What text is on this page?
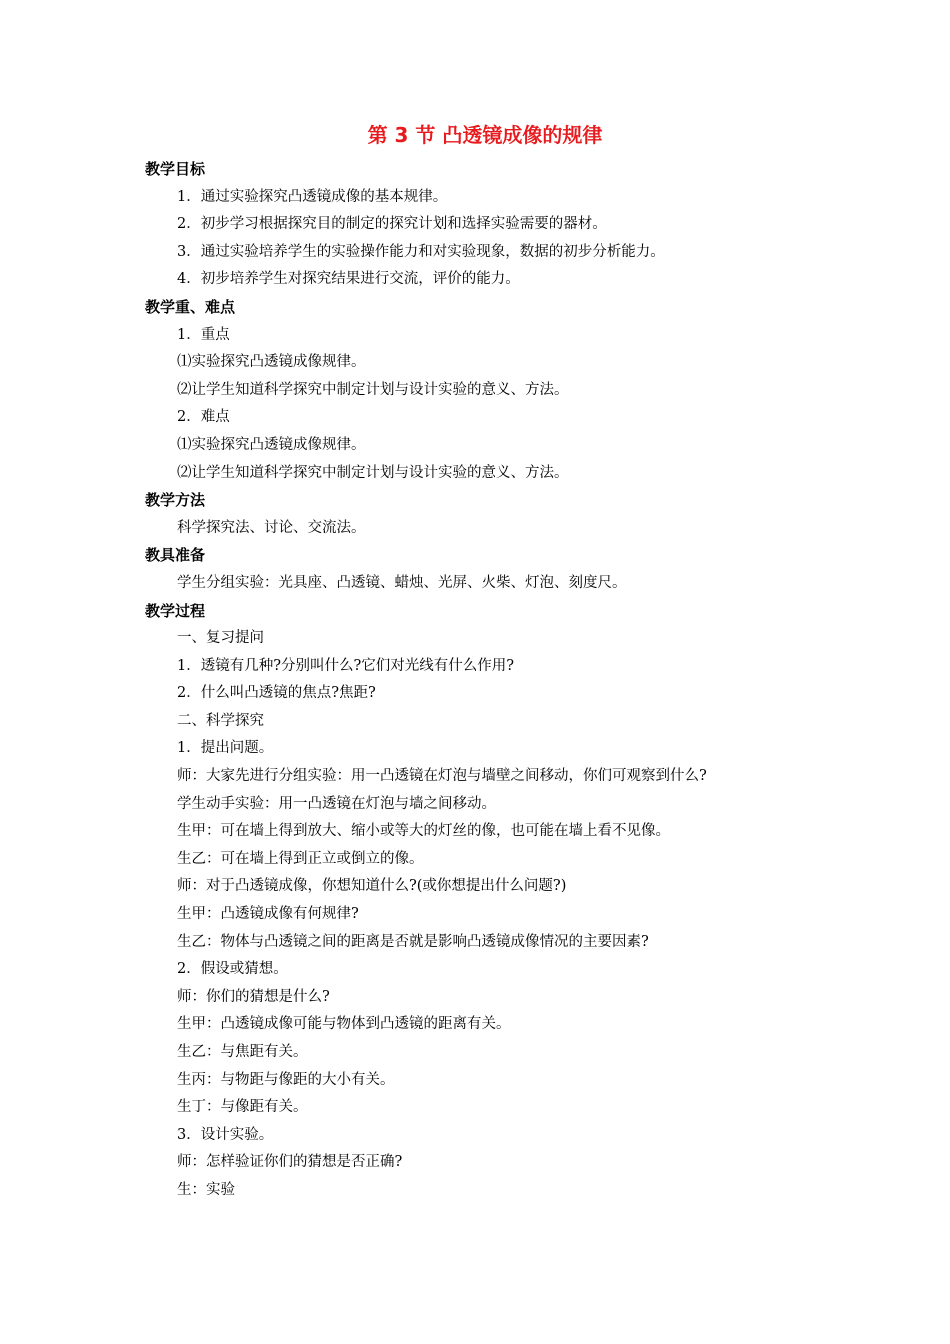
第 3 节 凸透镜成像的规律
教学目标
1．通过实验探究凸透镜成像的基本规律。
2．初步学习根据探究目的制定的探究计划和选择实验需要的器材。
3．通过实验培养学生的实验操作能力和对实验现象，数据的初步分析能力。
4．初步培养学生对探究结果进行交流，评价的能力。
教学重、难点
1．重点
⑴实验探究凸透镜成像规律。
⑵让学生知道科学探究中制定计划与设计实验的意义、方法。
2．难点
⑴实验探究凸透镜成像规律。
⑵让学生知道科学探究中制定计划与设计实验的意义、方法。
教学方法
科学探究法、讨论、交流法。
教具准备
学生分组实验：光具座、凸透镜、蜡烛、光屏、火柴、灯泡、刻度尺。
教学过程
一、复习提问
1．透镜有几种?分别叫什么?它们对光线有什么作用?
2．什么叫凸透镜的焦点?焦距?
二、科学探究
1．提出问题。
师：大家先进行分组实验：用一凸透镜在灯泡与墙壁之间移动，你们可观察到什么?
学生动手实验：用一凸透镜在灯泡与墙之间移动。
生甲：可在墙上得到放大、缩小或等大的灯丝的像，也可能在墙上看不见像。
生乙：可在墙上得到正立或倒立的像。
师：对于凸透镜成像，你想知道什么?(或你想提出什么问题?)
生甲：凸透镜成像有何规律?
生乙：物体与凸透镜之间的距离是否就是影响凸透镜成像情况的主要因素?
2．假设或猜想。
师：你们的猜想是什么?
生甲：凸透镜成像可能与物体到凸透镜的距离有关。
生乙：与焦距有关。
生丙：与物距与像距的大小有关。
生丁：与像距有关。
3．设计实验。
师：怎样验证你们的猜想是否正确?
生：实验
